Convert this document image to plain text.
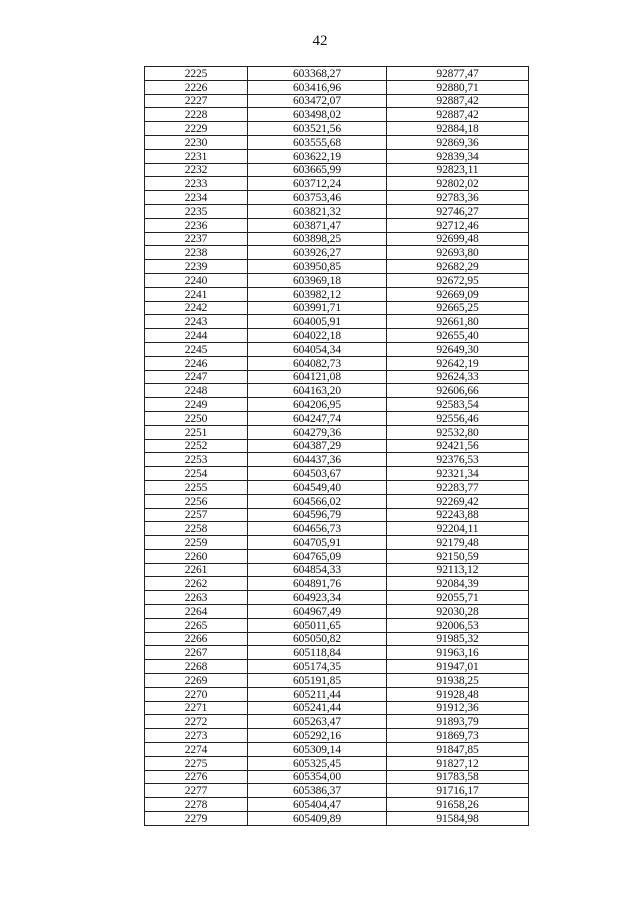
42
2225	603368,27	92877,47
2226	603416,96	92880,71
2227	603472,07	92887,42
2228	603498,02	92887,42
2229	603521,56	92884,18
2230	603555,68	92869,36
2231	603622,19	92839,34
2232	603665,99	92823,11
2233	603712,24	92802,02
2234	603753,46	92783,36
2235	603821,32	92746,27
2236	603871,47	92712,46
2237	603898,25	92699,48
2238	603926,27	92693,80
2239	603950,85	92682,29
2240	603969,18	92672,95
2241	603982,12	92669,09
2242	603991,71	92665,25
2243	604005,91	92661,80
2244	604022,18	92655,40
2245	604054,34	92649,30
2246	604082,73	92642,19
2247	604121,08	92624,33
2248	604163,20	92606,66
2249	604206,95	92583,54
2250	604247,74	92556,46
2251	604279,36	92532,80
2252	604387,29	92421,56
2253	604437,36	92376,53
2254	604503,67	92321,34
2255	604549,40	92283,77
2256	604566,02	92269,42
2257	604596,79	92243,88
2258	604656,73	92204,11
2259	604705,91	92179,48
2260	604765,09	92150,59
2261	604854,33	92113,12
2262	604891,76	92084,39
2263	604923,34	92055,71
2264	604967,49	92030,28
2265	605011,65	92006,53
2266	605050,82	91985,32
2267	605118,84	91963,16
2268	605174,35	91947,01
2269	605191,85	91938,25
2270	605211,44	91928,48
2271	605241,44	91912,36
2272	605263,47	91893,79
2273	605292,16	91869,73
2274	605309,14	91847,85
2275	605325,45	91827,12
2276	605354,00	91783,58
2277	605386,37	91716,17
2278	605404,47	91658,26
2279	605409,89	91584,98
